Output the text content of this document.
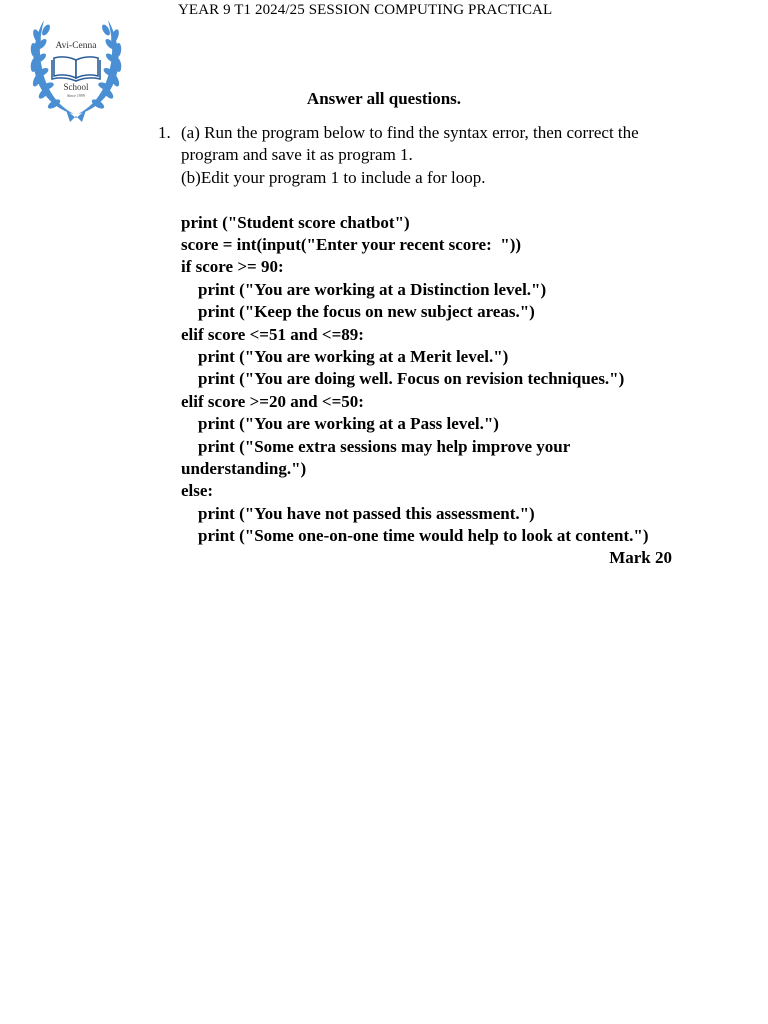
YEAR 9 T1 2024/25 SESSION COMPUTING PRACTICAL
Avi-Cenna
School
Since 1999	Answer all questions.
1. (a) Run the program below to find the syntax error, then correct the program and save it as program 1.

(b)Edit your program 1 to include a for loop.

print ("Student score chatbot")

score = int(input("Enter your recent score:  "))

if score >= 90:

print ("You are working at a Distinction level.")

print ("Keep the focus on new subject areas.")

elif score <=51 and <=89:

print ("You are working at a Merit level.")

print ("You are doing well. Focus on revision techniques.")

elif score >=20 and <=50:

print ("You are working at a Pass level.")

print ("Some extra sessions may help improve your understanding.")

else:

print ("You have not passed this assessment.")

print ("Some one-on-one time would help to look at content.")

Mark 20
